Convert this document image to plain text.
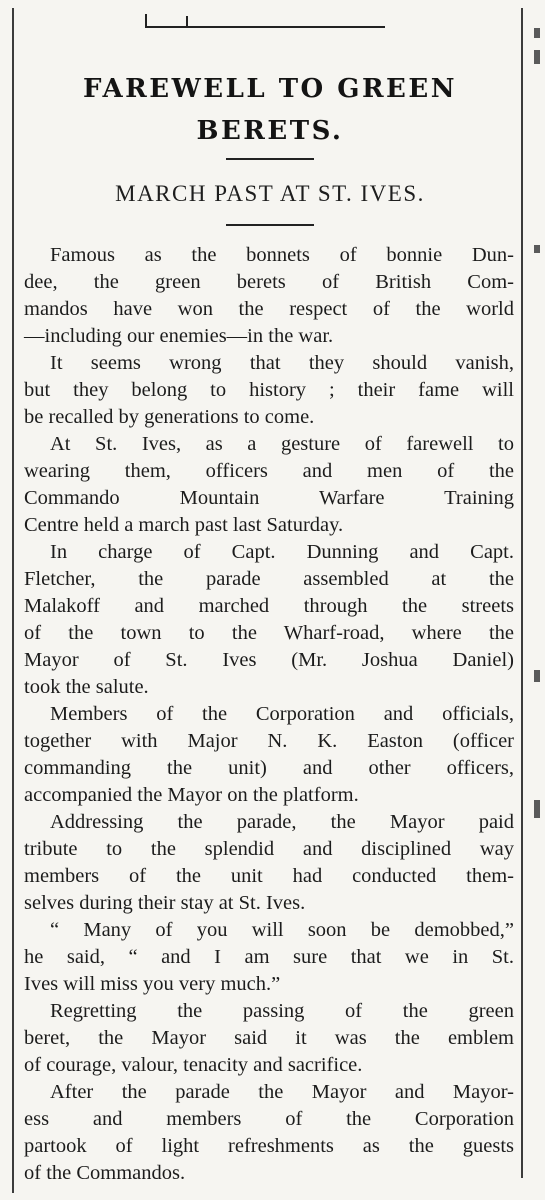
FAREWELL TO GREEN
BERETS.
MARCH PAST AT ST. IVES.
Famous as the bonnets of bonnie Dun-
dee, the green berets of British Com-
mandos have won the respect of the world
—including our enemies—in the war.
It seems wrong that they should vanish,
but they belong to history ; their fame will
be recalled by generations to come.
At St. Ives, as a gesture of farewell to
wearing them, officers and men of the
Commando Mountain Warfare Training
Centre held a march past last Saturday.
In charge of Capt. Dunning and Capt.
Fletcher, the parade assembled at the
Malakoff and marched through the streets
of the town to the Wharf-road, where the
Mayor of St. Ives (Mr. Joshua Daniel)
took the salute.
Members of the Corporation and officials,
together with Major N. K. Easton (officer
commanding the unit) and other officers,
accompanied the Mayor on the platform.
Addressing the parade, the Mayor paid
tribute to the splendid and disciplined way
members of the unit had conducted them-
selves during their stay at St. Ives.
“ Many of you will soon be demobbed,”
he said, “ and I am sure that we in St.
Ives will miss you very much.”
Regretting the passing of the green
beret, the Mayor said it was the emblem
of courage, valour, tenacity and sacrifice.
After the parade the Mayor and Mayor-
ess and members of the Corporation
partook of light refreshments as the guests
of the Commandos.
